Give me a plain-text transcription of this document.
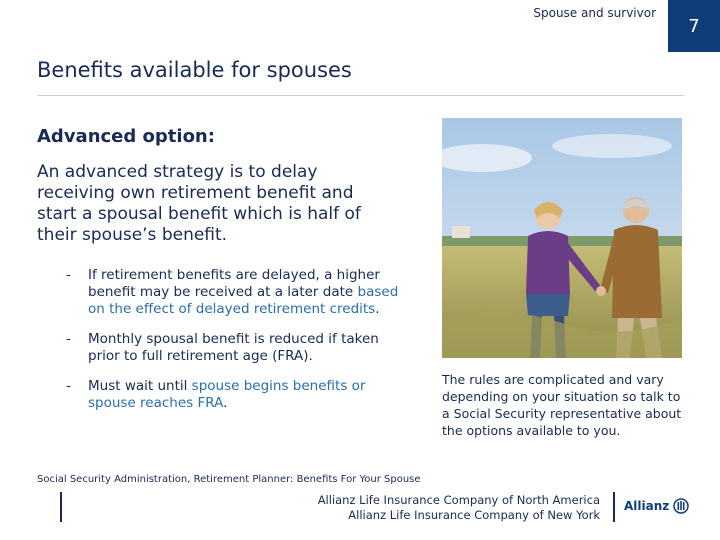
Spouse and survivor
7
Benefits available for spouses
Advanced option:
An advanced strategy is to delay receiving own retirement benefit and start a spousal benefit which is half of their spouse’s benefit.
- If retirement benefits are delayed, a higher benefit may be received at a later date based on the effect of delayed retirement credits.
- Monthly spousal benefit is reduced if taken prior to full retirement age (FRA).
- Must wait until spouse begins benefits or spouse reaches FRA.
The rules are complicated and vary depending on your situation so talk to a Social Security representative about the options available to you.
Social Security Administration, Retirement Planner: Benefits For Your Spouse
Allianz Life Insurance Company of North America
Allianz Life Insurance Company of New York
Allianz
